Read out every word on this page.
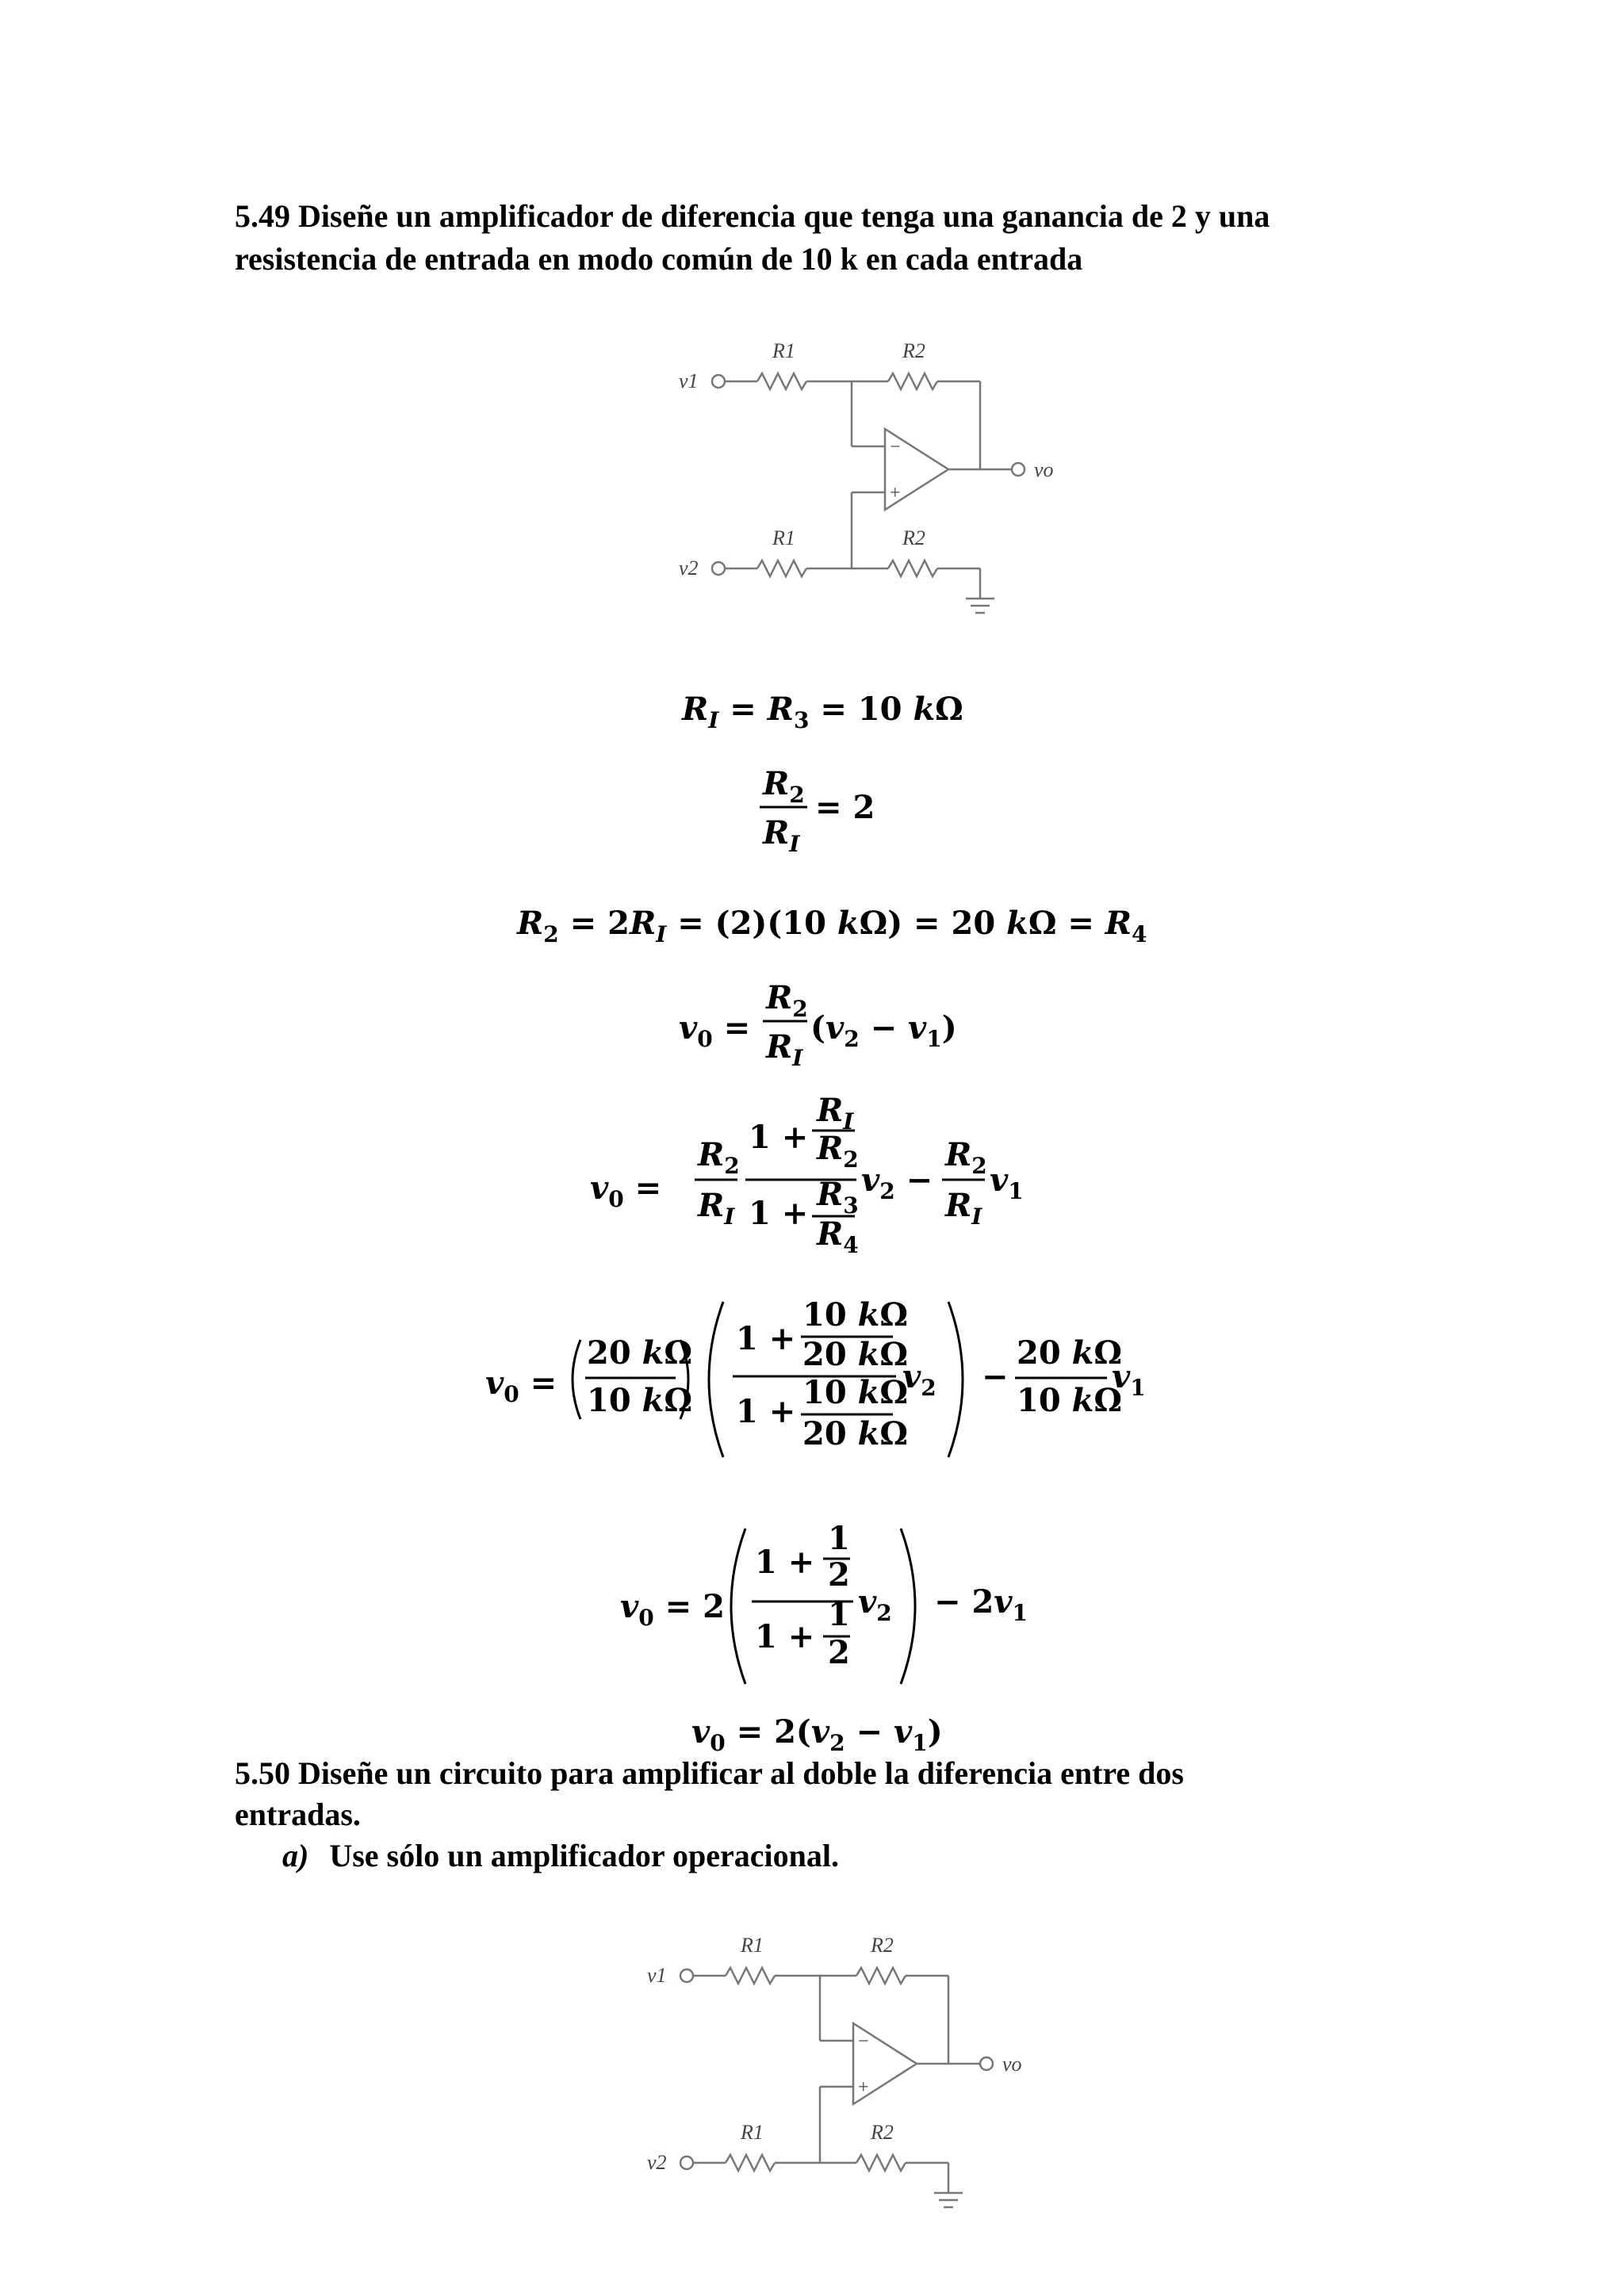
5.49 Diseñe un amplificador de diferencia que tenga una ganancia de 2 y una
resistencia de entrada en modo común de 10 k en cada entrada
v1
v2
vo
R1	R2
R1	R2
−
+
$R_I = R_3 = 10$ kΩ
$R_2$
$R_I$
= 2
$R_2 = 2R_I = (2)(10$ kΩ) = 20 $k\Omega = R_4$
$v_0$ =
$R_2$
$R_I$
$(v_2 - v_1)$
$v_0$ =
$R_2$
$R_I$
1 +
$R_I$
$R_2$
1 +
$R_3$
$R_4$
$v_2$ −
$R_2$
$R_I$
$v_1$
$v_0$ =
20 kΩ
10 kΩ
1 +
10 kΩ
20 kΩ
1 +
10 kΩ
20 kΩ
$v_2$ −
20 kΩ
10 kΩ
$v_1$
$v_0 = 2$
1 +
1
2
1 +
1
2
$v_2 - 2v_1$
$v_0 = 2(v_2 - v_1)$
5.50 Diseñe un circuito para amplificar al doble la diferencia entre dos
entradas.
a) Use sólo un amplificador operacional.
v1
v2
vo
R1	R2
R1	R2
−
+
